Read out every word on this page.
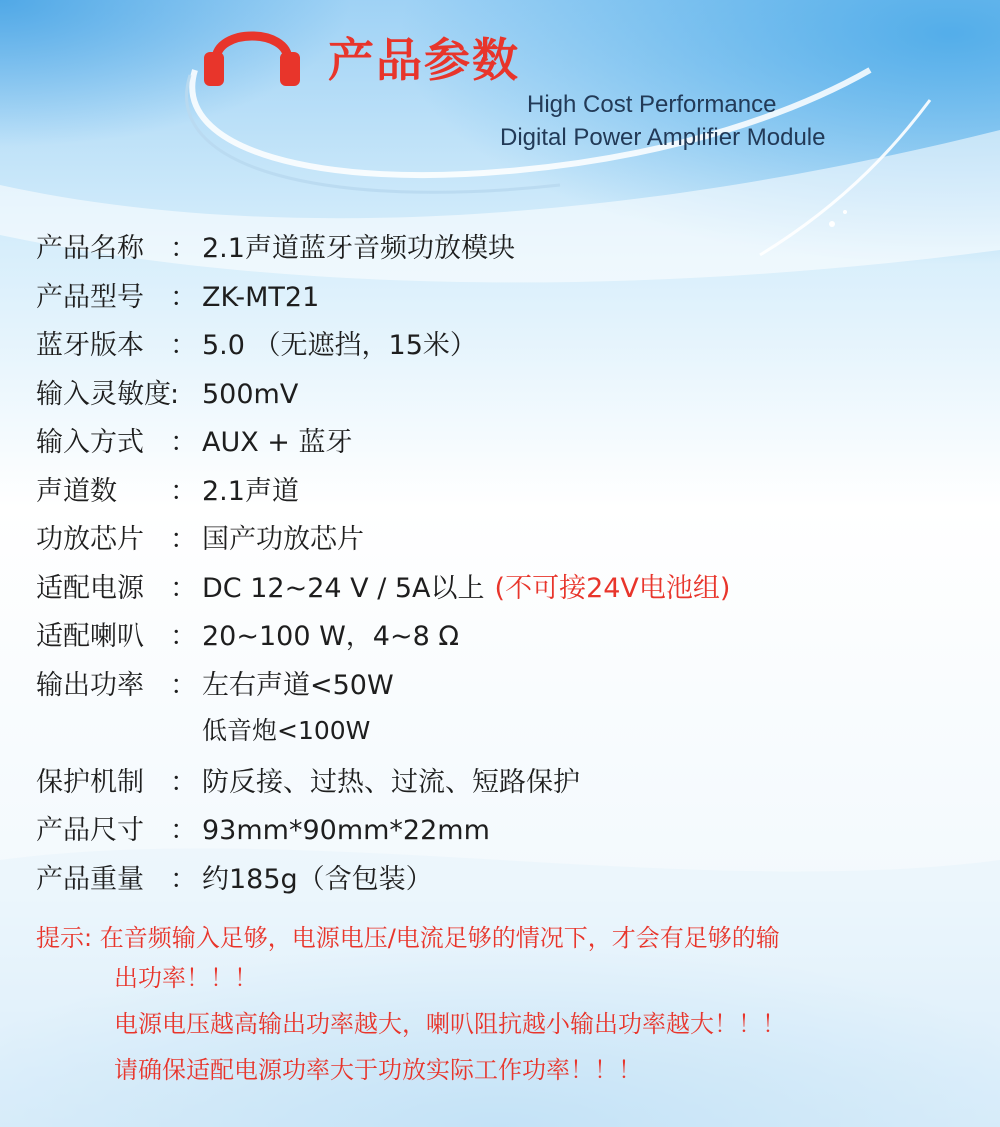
产品参数

High Cost Performance

Digital Power Amplifier Module

产品名称 ： 2.1声道蓝牙音频功放模块
产品型号 ： ZK-MT21
蓝牙版本 ： 5.0 （无遮挡，15米）
输入灵敏度 : 500mV
输入方式 ： AUX + 蓝牙
声道数	： 2.1声道
功放芯片 ： 国产功放芯片
适配电源 ： DC 12~24 V / 5A以上 (不可接24V电池组)
适配喇叭 ： 20~100 W，4~8 Ω
输出功率 ： 左右声道<50W
低音炮<100W
保护机制 ： 防反接、过热、过流、短路保护
产品尺寸 ： 93mm*90mm*22mm
产品重量 ： 约185g（含包装）
提示: 在音频输入足够，电源电压/电流足够的情况下，才会有足够的输
出功率！！！
电源电压越高输出功率越大，喇叭阻抗越小输出功率越大！！！
请确保适配电源功率大于功放实际工作功率！！！
